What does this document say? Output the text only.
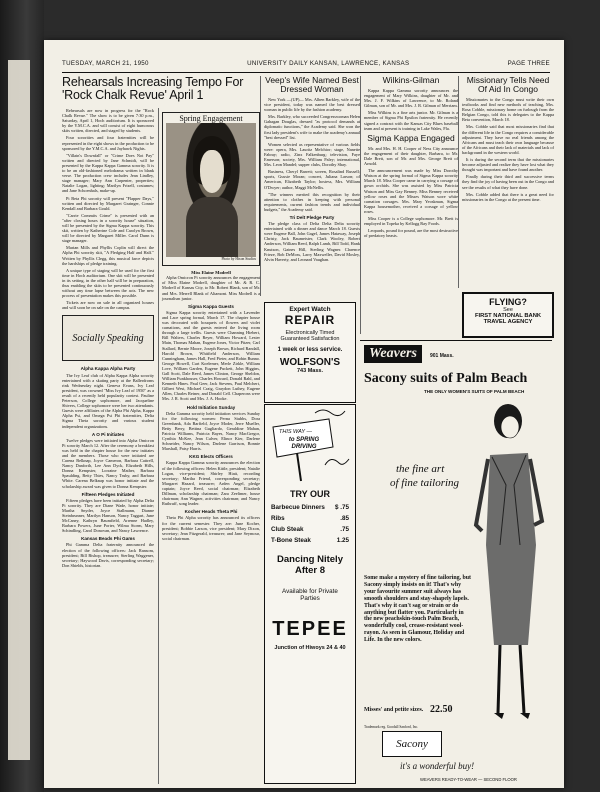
TUESDAY, MARCH 21, 1950	UNIVERSITY DAILY KANSAN, LAWRENCE, KANSAS	PAGE THREE
Rehearsals Increasing Tempo For 'Rock Chalk Revue' April 1

Rehearsals are now in progress for the "Rock Chalk Revue." The show is to be given 7:30 p.m., Saturday, April 1, Hoch auditorium. It is sponsored by the Y.M.C.A. and will consist of eight humorous skits written, directed, and staged by students.

Four sororities and four fraternities will be represented in the eight shows in the production to be sponsored by the Y.M.C.A. and Jayhawk Nights.

"Villain's Downfall" or "Crime Does Not Pay" written and directed by Jane Schmidt, will be presented by the Kappa Kappa Gamma sorority. It is to be an old-fashioned melodrama written in blank verse. The production crew includes Jean Lindley, stage manager; Mary Ann Carpenter, properties; Natalie Logan, lighting; Marilyn Frizell, costumes; and Jane Schoenhals, make-up.

Pi Beta Phi sorority will present "Flapper Days," written and directed by Margaret Grainger, Connie Kendall and Barbara Gould.

"Carrie Commits Crime" is presented with an "after closing hours in a sorority house" situation, will be presented by the Sigma Kappa sorority. This skit, written by Katherine Cole and Carolyn Brown, will be directed by Margaret Miller. Carol Dunn is stage manager.

Marian Mills and Phyllis Coplin will direct the Alpha Phi sorority skit, "A Fledging Half and Half." Written by Phyllis Clegg, this musical farce depicts the hardships of pledge training.

A unique type of staging will be used for the first time in Hoch auditorium. One skit will be presented in its setting, in the other half will be in preparation, thus enabling the skits to be presented continuously without any time lapse between the acts. The new process of presentation makes this possible.

Tickets are now on sale in all organized houses and will soon be on sale on the campus.

Socially Speaking
Alpha Kappa Alpha Party

The Ivy Leaf club of Alpha Kappa Alpha sorority entertained with a skating party at the Ballerdroms rink Wednesday night. Geneva Evans, Ivy Leaf president, was crowned "Miss Ivy Leaf of 1950" as a result of a recently held popularity contest. Pauline Peterson, College sophomore, and Jacqueline Shivers, College sophomore were her two attendants. Guests were affiliates of the Alpha Phi Alpha, Kappa Alpha Psi, and Omega Psi Phi fraternities, Delta Sigma Theta sorority and various student independent organizations.

A O Pi Initiates

Twelve pledges were initiated into Alpha Omicron Pi sorority March 12. After the ceremony a breakfast was held in the chapter house for the new initiates and the members. Those who were initiated are Carena Belknap, Joyce Cameron, Barbara Cattrell, Nancy Danforth, Lee Ann Dyck, Elizabeth Hills, Donna Kempster, Lorraine Mather, Barbara Spaulding, Betty Thies, Nancy Truby, and Barbara White. Carena Belknap was honor initiate and the scholarship award was given to Donna Kempster.

Fifteen Pledges Initiated

Fifteen pledges have been initiated by Alpha Delta Pi sorority. They are Diane Wade, honor initiate; Martha Snyder, Joyce Stallmann, Dianne Steinbrunner, Marilyn Hanson, Nancy Taggart, June McCaney, Kathryn Baumfield, Arrenne Hadley, Barbara Powers, June Porter, Wilma Storm, Mary Schindling, Carol Donovan, and Nancy Lawrence.

Kansas Beads Phi Gams

Phi Gamma Delta fraternity announced the election of the following officers: Jack Ransom, president; Bill Bishop, treasurer; Sterling Waggener, secretary; Haywood Davis, corresponding secretary; Don Shields, historian.

Spring Engagement
Photo by Hixon Studios
Miss Elaine Modrell

Alpha Omicron Pi sorority announces the engagement of Miss Elaine Modrell, daughter of Mr. & R. C. Modrell of Kansas City, to Mr. Robert Blank, son of Mr. and Mrs. Merrell Blank of Altamont. Miss Modrell is a journalism junior.

Sigma Kappa Guests

Sigma Kappa sorority entertained with a Lavender and Lace spring formal, March 17. The chapter house was decorated with bouquets of flowers and violet carnations, and the guests entered the living room through a large trellis. Guests were Channing Hiebert, Bill Walters, Charles Reyer, William Howard, Lester Main, Thomas Mahan, Eugene Jones, Victor Pitzer, Carl Stallard, Bernie Moore, Joseph Brown, Richard Randall, Harold Brown, Whitfield Anderson, William Cunningham, James Hall, Fred Pieter, and Robin Bunno. George Howell, Curt Koelemer, Merle Zirkle, William Love, William Garden, Eugene Puckett, John Higgins, Gall Scott, Dale Reed, James Clinton, George Sheldon, William Funkhouser, Charles Howard, Donald Rahl, and Kenneth Hines. Paul Geer, Jack Stevens, Paul Melchert, Gilbert West, Michael Craig, Graydon Luthey, Eugene Allen, Charles Reiner, and Donald Cell. Chaperons were Mrs. J. R. Scott and Mrs. J. A. Hooke.

Hold Initiation Sunday

Delta Gamma sorority held initiation services Sunday for the following women: Perna Stubbs, Dora Greenbank, Ada Barfield, Joyce Moder, Jerre Mueller, Betty Berry, Bettina Gugliardo, Geraldine Mahan, Patricia Williams, Patricia Bayes, Nancy MacGregor, Cynthia McKee, Jean Culver, Elinor Kier, Darlene Schneider, Nancy Wilson, Darlene Garrison, Bonnie Marshall, Patsy Harris.

KKG Elects Officers

Kappa Kappa Gamma sorority announces the election of the following officers: Helen Kittle, president; Natalie Logan, vice-president; Shirley Hiatt, recording secretary; Martha Friend, corresponding secretary; Margaret Hazard, treasurer; Arden Angel, pledge captain; Joyce Reed, social chairman; Elizabeth Dillman, scholarship chairman; Zara Zeelimer, house chairman; Ann Wagner, activities chairman; and Nancy Ruthruff, song leader.

Kocher Heads Theta Phi

Theta Phi Alpha sorority has announced its officers for the current semester. They are: June Kocher, president; Bobbie Larson, vice president; Mary Dixon, secretary; Jean Fitzgerald, treasurer; and Jane Seymour, social chairman.

Veep's Wife Named Best Dressed Woman

New York —(UP)— Mrs. Alben Barkley, wife of the vice president, today was named the best dressed woman in public life by the fashion academy.

Mrs. Barkley, who succeeded Congresswoman Helen Gahagan Douglas, dressed "as protocol demands at diplomatic functions," the Academy said. She won the first lady president's wife to make the academy's annual "best dressed" list.

Women selected as representative of various fields were: opera, Mrs. Lauritz Melchior; stage, Nanette Fabray; radio, Zinx Falkenburg; television, Faye Emerson; society, Mrs. William Paley; international, Mrs. Leon Mandel; supper clubs, Dorothy Shay.

Business, Cheryl Barrett; screen, Rosalind Russell; sports, Gussie Moran; concert, Juliana Larson; of American, Elizabeth Taylor; hostess, Mrs. William O'Dwyer; author, Maggi McNellis.

"The winners merited this recognition by their attention to clothes in keeping with personal requirements, current fashion trends and individual budgets," the Academy said.

Tri Delt Pledge Party

The pledge class of Delta Delta Delta sorority entertained with a dinner and dance March 18. Guests were Eugene Ball, John Gagel, James Hataway, Joseph Christy, Jack Baumeister, Clark Wooley, Robert Anderson, William Reed, Ralph Lamb, Bill Todd, Hank Knutson, Gaines Hill, Sterling Wagner. Clarence Frieze, Bob DeMoss, Larry Maxweller, David Mosley, Alvin Haverty, and Leonard Vaughan.

Expert Watch
REPAIR
Electronically Timed
Guaranteed Satisfaction
1 week or less service.
WOLFSON'S
743 Mass.
THIS WAY —
to SPRING DRIVING
TRY OUR
Barbecue Dinners $ .75
Ribs	.85
Club Steak	.75
T-Bone Steak	1.25
Dancing Nitely
After 8
Available for Private
Parties
TEPEE
Junction of Hiwoys 24 & 40
Wilkins-Gilman

Kappa Kappa Gamma sorority announces the engagement of Mary Wilkins, daughter of Mr. and Mrs. J. F. Wilkins of Lawrence, to Mr. Roland Gilman, son of Mr. and Mrs. J. R. Gilman of Merriam.

Miss Wilkins is a fine arts junior. Mr. Gilman is a member of Sigma Phi Epsilon fraternity. He recently signed a contract with the Kansas City Blues baseball team and at present is training in Lake Wales, Fla.

Sigma Kappa Engaged

Mr. and Mrs. H. H. Cooper of Ness City announce the engagement of their daughter, Barbara, to Mr. Dale Brett, son of Mr. and Mrs. George Brett of Arnold.

The announcement was made by Miss Dorothy Watson at the spring formal of Sigma Kappa sorority March 18. Miss Cooper came in carrying a corsage of gown orchids. She was assisted by Miss Patricia Watson and Miss Gay Benney. Miss Benney received yellow roses and the Misses Watson wore white carnation corsages. Mrs. Mary Yeoskman, Sigma Kappa housemother, received a corsage of yellow roses.

Miss Cooper is a College sophomore. Mr. Brett is employed in Topeka by Kellogg Ray Foods.

Leopards, pound for pound, are the most destructive of predatory beasts.

Missionary Tells Need Of Aid In Congo

Missionaries to the Congo must write their own textbooks and find new methods of teaching, Mrs. Rosa Cobble, missionary home on furlough from the Belgian Congo, told this is delegates to the Kappa Beta convention, March 18.

Mrs. Cobble said that most missionaries find that the different life in the Congo requires a considerable adjustment. They have no real friends among the Africans and must teach their own language because of the Africans and their lack of materials and lack of background in the western world.

It is during the second term that the missionaries become adjusted and realize they have lost what they thought was important and have found another.

Finally during their third and successive terms they find the joy of having been out in the Congo and see the results of what they have done.

Mrs. Cobble added that there is a great need for missionaries in the Congo at the present time.

FLYING?
See
FIRST NATIONAL BANK
TRAVEL AGENCY
Weavers	901 Mass.
Sacony suits of Palm Beach
THE ONLY WOMEN'S SUITS OF PALM BEACH
the fine art
of fine tailoring
Some make a mystery of fine tailoring, but Sacony simply insists on it! That's why your favourite summer suit always has smooth shoulders and stay-shapely lapels. That's why it can't sag or strain or do anything but flatter you. Particularly in the new peachskin-touch Palm Beach, wonderfully cool, crease-resistant wool-rayon. As seen in Glamour, Holiday and Life. In the new colors.
Misses' and petite sizes. 22.50
Trademark reg. Goodall Sanford, Inc.
Sacony
it's a wonderful buy!
WEAVERS READY-TO-WEAR — SECOND FLOOR
